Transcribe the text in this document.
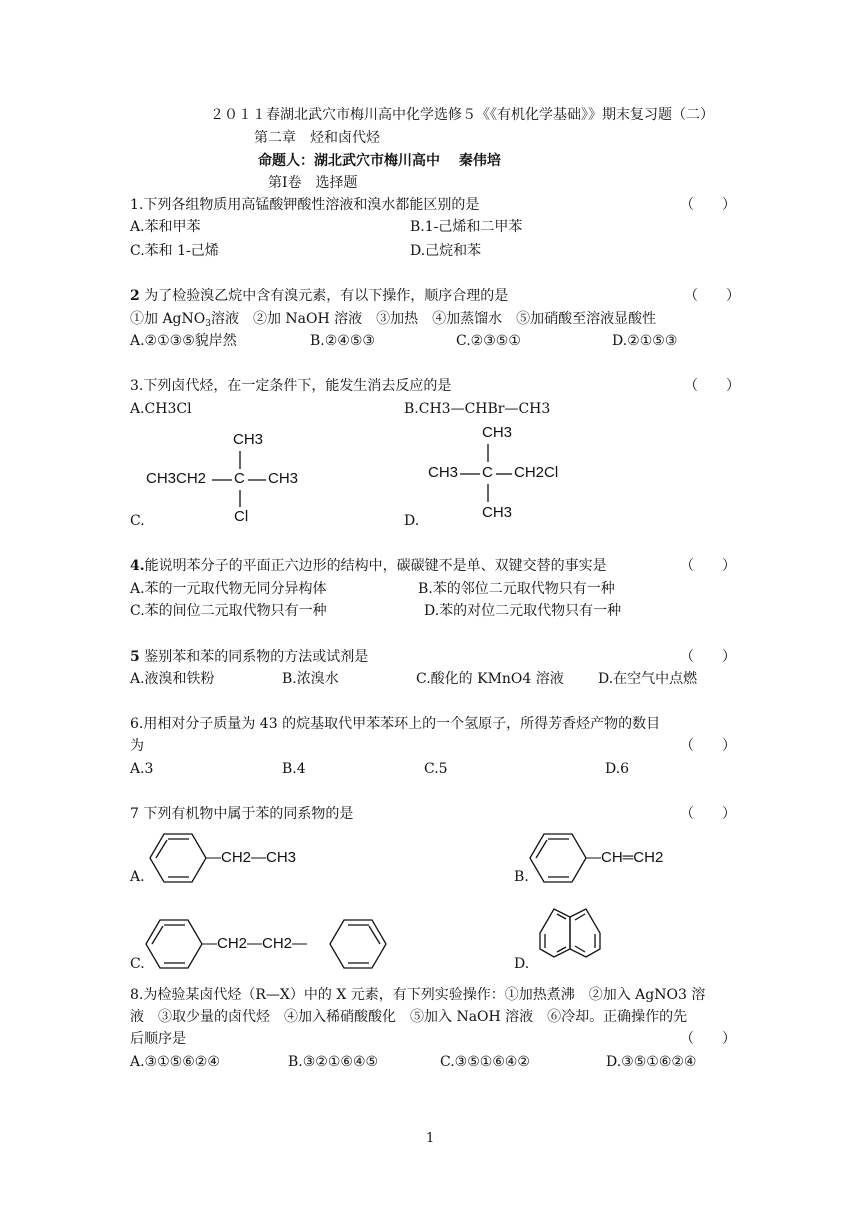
２０１１春湖北武穴市梅川高中化学选修５《《有机化学基础》》期末复习题（二）
第二章　烃和卤代烃
命题人：湖北武穴市梅川高中　 秦伟培
第Ⅰ卷　选择题
1.下列各组物质用高锰酸钾酸性溶液和溴水都能区别的是	（　　）
A.苯和甲苯	B.1-己烯和二甲苯
C.苯和 1-己烯	D.己烷和苯
2 为了检验溴乙烷中含有溴元素，有以下操作，顺序合理的是	（　　）
①加 AgNO$_3$溶液　②加 NaOH 溶液　③加热　④加蒸馏水　⑤加硝酸至溶液显酸性
A.②①③⑤貌岸然	B.②④⑤③	C.②③⑤①	D.②①⑤③
3.下列卤代烃，在一定条件下，能发生消去反应的是	（　　）
A.CH3Cl	B.CH3—CHBr—CH3
CH3
CH3CH2 C CH3
Cl
C.
CH3
CH3 C CH2Cl
CH3
D.
4.能说明苯分子的平面正六边形的结构中，碳碳键不是单、双键交替的事实是	（　　）
A.苯的一元取代物无同分异构体	B.苯的邻位二元取代物只有一种
C.苯的间位二元取代物只有一种	D.苯的对位二元取代物只有一种
5 鉴别苯和苯的同系物的方法或试剂是	（　　）
A.液溴和铁粉	B.浓溴水	C.酸化的 KMnO4 溶液 D.在空气中点燃
6.用相对分子质量为 43 的烷基取代甲苯苯环上的一个氢原子，所得芳香烃产物的数目
为	（　　）
A.3	B.4	C.5	D.6
7 下列有机物中属于苯的同系物的是	（　　）
—CH2—CH3
A.
—CH═CH2
B.
—CH2—CH2—
C.	D.
8.为检验某卤代烃（R—X）中的 X 元素，有下列实验操作：①加热煮沸　②加入 AgNO3 溶
液　③取少量的卤代烃　④加入稀硝酸酸化　⑤加入 NaOH 溶液　⑥冷却。正确操作的先
后顺序是	（　　）
A.③①⑤⑥②④	B.③②①⑥④⑤	C.③⑤①⑥④②	D.③⑤①⑥②④
1
